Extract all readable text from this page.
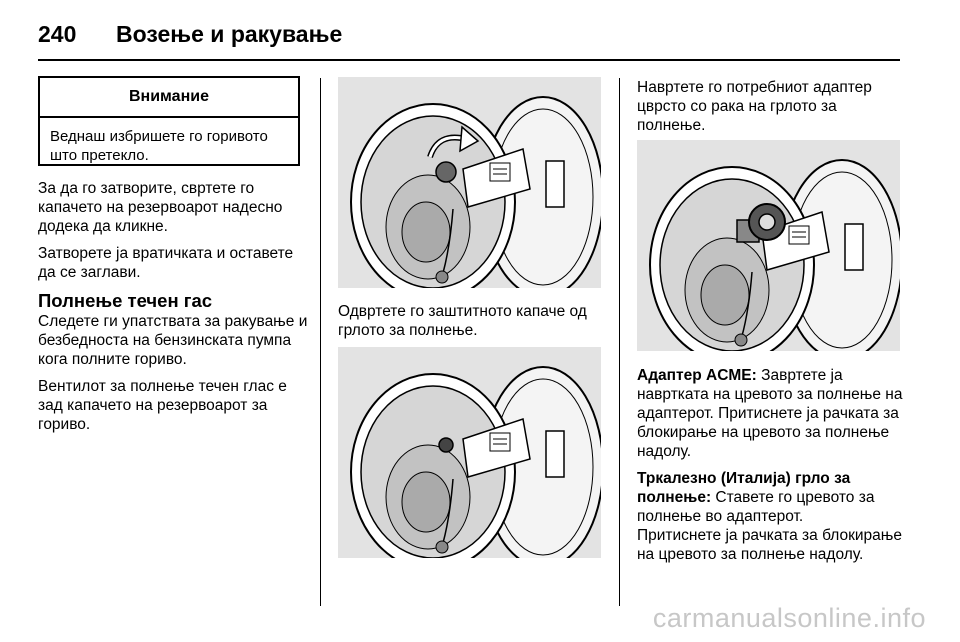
240	Возење и ракување
Внимание
Веднаш избришете го горивото што претекло.

За да го затворите, свртете го капачето на резервоарот надесно додека да кликне.

Затворете ја вратичката и оставете да се заглави.

Полнење течен гас

Следете ги упатствата за ракување и безбедноста на бензинската пумпа кога полните гориво.

Вентилот за полнење течен глас е зад капачето на резервоарот за гориво.

Одвртете го заштитното капаче од грлото за полнење.

Навртете го потребниот адаптер цврсто со рака на грлото за полнење.

Адаптер ACME: Завртете ја навртката на цревото за полнење на адаптерот. Притиснете ја рачката за блокирање на цревото за полнење надолу.

Тркалезно (Италија) грло за полнење: Ставете го цревото за полнење во адаптерот.

Притиснете ја рачката за блокирање на цревото за полнење надолу.

carmanualsonline.info
